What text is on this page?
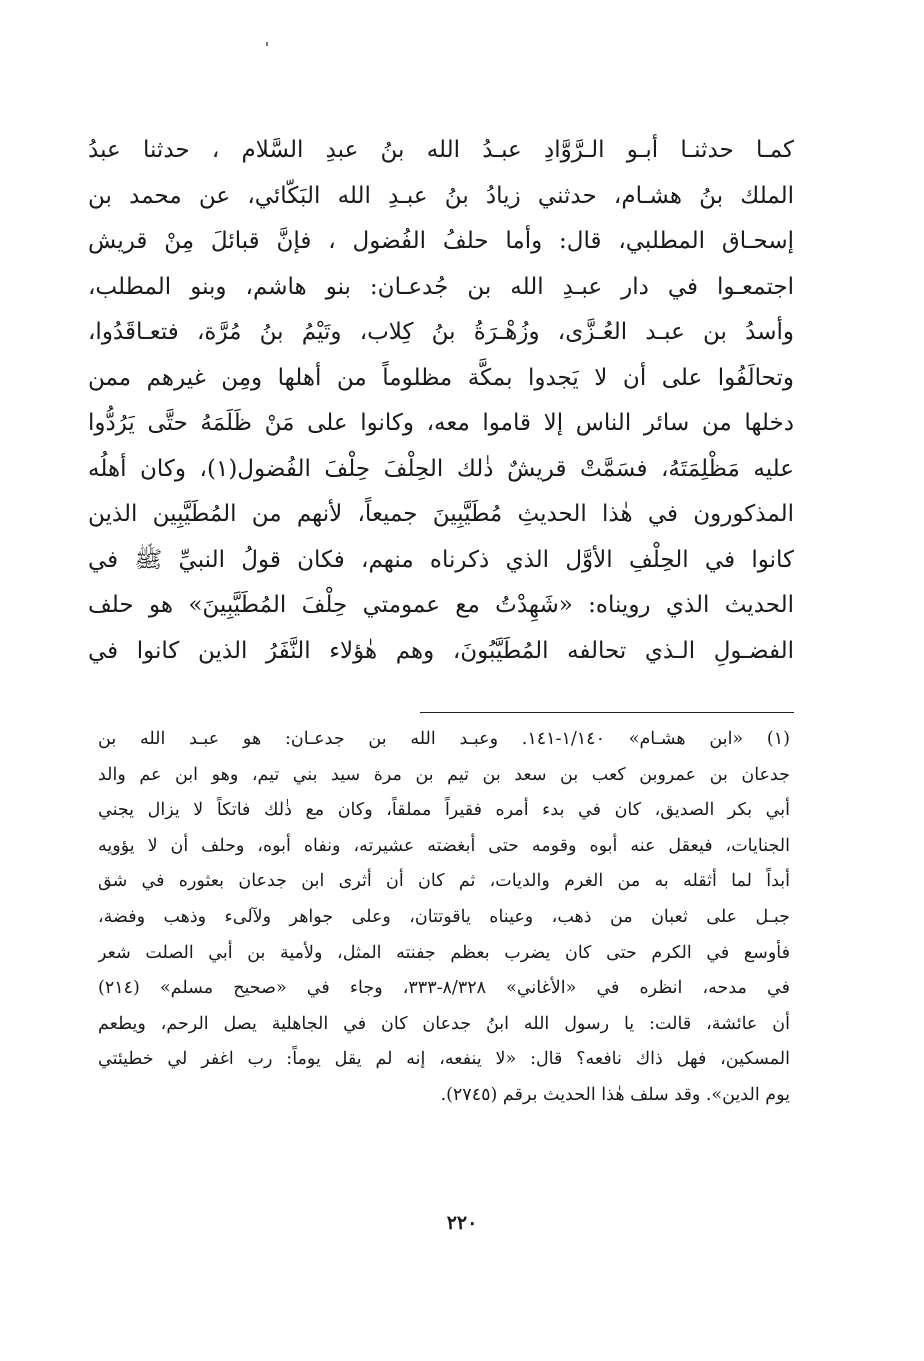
كمـا حدثنـا أبـو الـرَّوَّادِ عبـدُ الله بنُ عبدِ السَّلام ، حدثنا عبدُ
الملك بنُ هشـام، حدثني زيادُ بنُ عبـدِ الله البَكّائي، عن محمد بن
إسحـاق المطلبي، قال: وأما حلفُ الفُضول ، فإنَّ قبائلَ مِنْ قريش
اجتمعـوا في دار عبـدِ الله بن جُدعـان: بنو هاشم، وبنو المطلب،
وأسدُ بن عبـد العُـزَّى، وزُهْـرَةُ بنُ كِلاب، وتَيْمُ بنُ مُرَّة، فتعـاقَدُوا،
وتحالَفُوا على أن لا يَجدوا بمكَّة مظلوماً من أهلها ومِن غيرهم ممن
دخلها من سائر الناس إلا قاموا معه، وكانوا على مَنْ ظَلَمَهُ حتَّى يَرُدُّوا
عليه مَظْلِمَتَهُ، فسَمَّتْ قريشٌ ذٰلك الحِلْفَ حِلْفَ الفُضول(١)، وكان أهلُه
المذكورون في هٰذا الحديثِ مُطَيَّبِينَ جميعاً، لأنهم من المُطَيَّبِين الذين
كانوا في الحِلْفِ الأوَّل الذي ذكرناه منهم، فكان قولُ النبيِّ ﷺ في
الحديث الذي رويناه: «شَهِدْتُ مع عمومتي حِلْفَ المُطَيَّبِينَ» هو حلف
الفضـولِ الـذي تحالفه المُطَيَّبُونَ، وهم هٰؤلاء النَّفَرُ الذين كانوا في
(١) «ابن هشـام» ١/١٤٠-١٤١. وعبـد الله بن جدعـان: هو عبـد الله بن
جدعان بن عمروبن كعب بن سعد بن تيم بن مرة سيد بني تيم، وهو ابن عم والد
أبي بكر الصديق، كان في بدء أمره فقيراً مملقاً، وكان مع ذٰلك فاتكاً لا يزال يجني
الجنايات، فيعقل عنه أبوه وقومه حتى أبغضته عشيرته، ونفاه أبوه، وحلف أن لا يؤويه
أبداً لما أثقله به من الغرم والديات، ثم كان أن أثرى ابن جدعان بعثوره في شق
جبـل على ثعبان من ذهب، وعيناه ياقوتتان، وعلى جواهر ولآلىء وذهب وفضة،
فأوسع في الكرم حتى كان يضرب بعظم جفنته المثل، ولأمية بن أبي الصلت شعر
في مدحه، انظره في «الأغاني» ٨/٣٢٨-٣٣٣، وجاء في «صحيح مسلم» (٢١٤)
أن عائشة، قالت: يا رسول الله ابنُ جدعان كان في الجاهلية يصل الرحم، ويطعم
المسكين، فهل ذاك نافعه؟ قال: «لا ينفعه، إنه لم يقل يوماً: رب اغفر لي خطيئتي
يوم الدين». وقد سلف هٰذا الحديث برقم (٢٧٤٥).
٢٢٠
